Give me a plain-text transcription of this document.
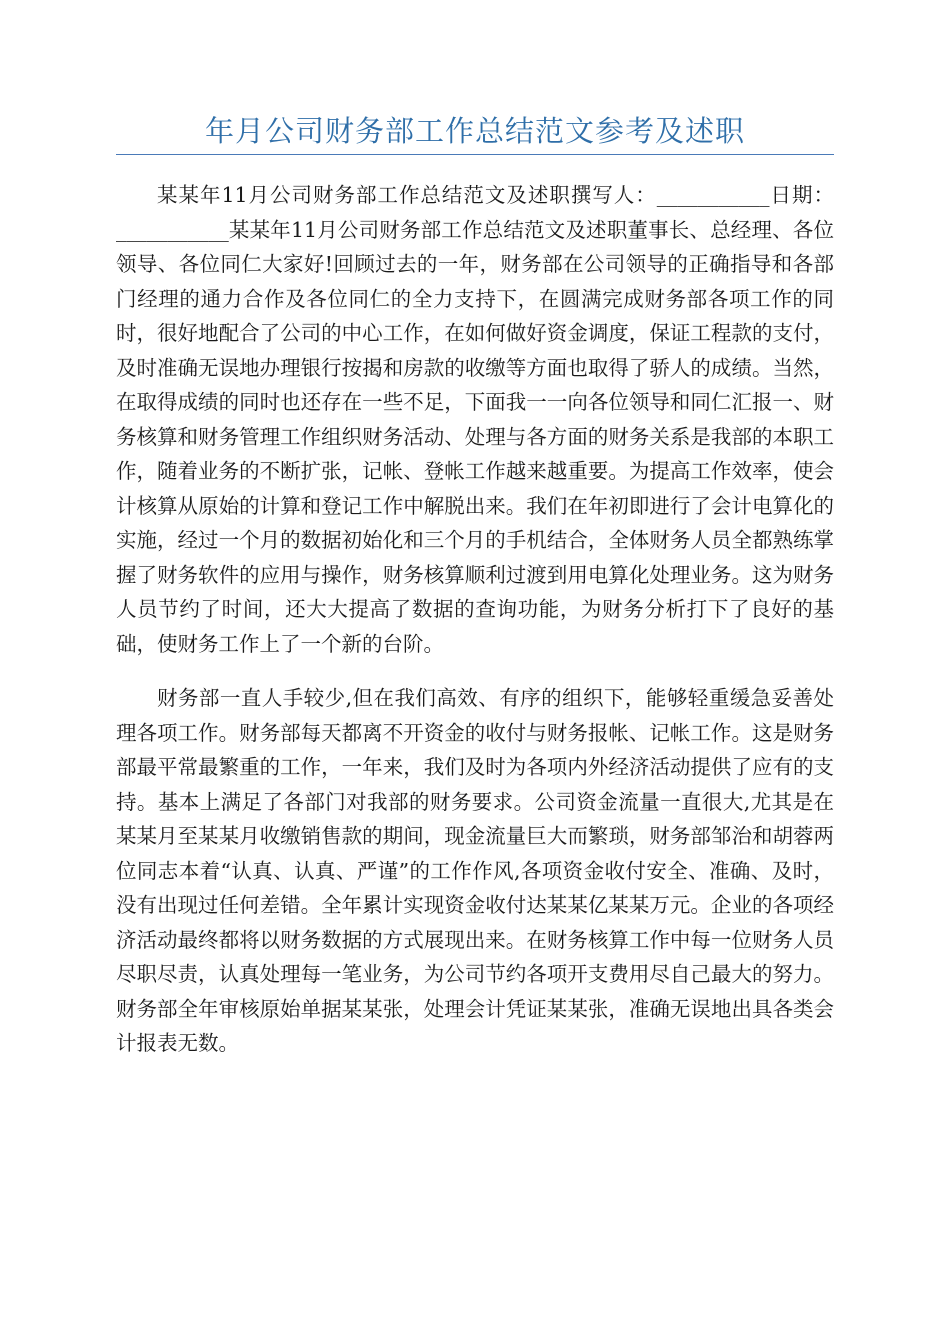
年月公司财务部工作总结范文参考及述职

某某年11月公司财务部工作总结范文及述职撰写人：___________日期：___________某某年11月公司财务部工作总结范文及述职董事长、总经理、各位领导、各位同仁大家好!回顾过去的一年，财务部在公司领导的正确指导和各部门经理的通力合作及各位同仁的全力支持下，在圆满完成财务部各项工作的同时，很好地配合了公司的中心工作，在如何做好资金调度，保证工程款的支付，及时准确无误地办理银行按揭和房款的收缴等方面也取得了骄人的成绩。当然，在取得成绩的同时也还存在一些不足，下面我一一向各位领导和同仁汇报一、财务核算和财务管理工作组织财务活动、处理与各方面的财务关系是我部的本职工作，随着业务的不断扩张，记帐、登帐工作越来越重要。为提高工作效率，使会计核算从原始的计算和登记工作中解脱出来。我们在年初即进行了会计电算化的实施，经过一个月的数据初始化和三个月的手机结合，全体财务人员全都熟练掌握了财务软件的应用与操作，财务核算顺利过渡到用电算化处理业务。这为财务人员节约了时间，还大大提高了数据的查询功能，为财务分析打下了良好的基础，使财务工作上了一个新的台阶。

财务部一直人手较少,但在我们高效、有序的组织下，能够轻重缓急妥善处理各项工作。财务部每天都离不开资金的收付与财务报帐、记帐工作。这是财务部最平常最繁重的工作，一年来，我们及时为各项内外经济活动提供了应有的支持。基本上满足了各部门对我部的财务要求。公司资金流量一直很大,尤其是在某某月至某某月收缴销售款的期间，现金流量巨大而繁琐，财务部邹治和胡蓉两位同志本着“认真、认真、严谨”的工作作风,各项资金收付安全、准确、及时，没有出现过任何差错。全年累计实现资金收付达某某亿某某万元。企业的各项经济活动最终都将以财务数据的方式展现出来。在财务核算工作中每一位财务人员尽职尽责，认真处理每一笔业务，为公司节约各项开支费用尽自己最大的努力。财务部全年审核原始单据某某张，处理会计凭证某某张，准确无误地出具各类会计报表无数。
